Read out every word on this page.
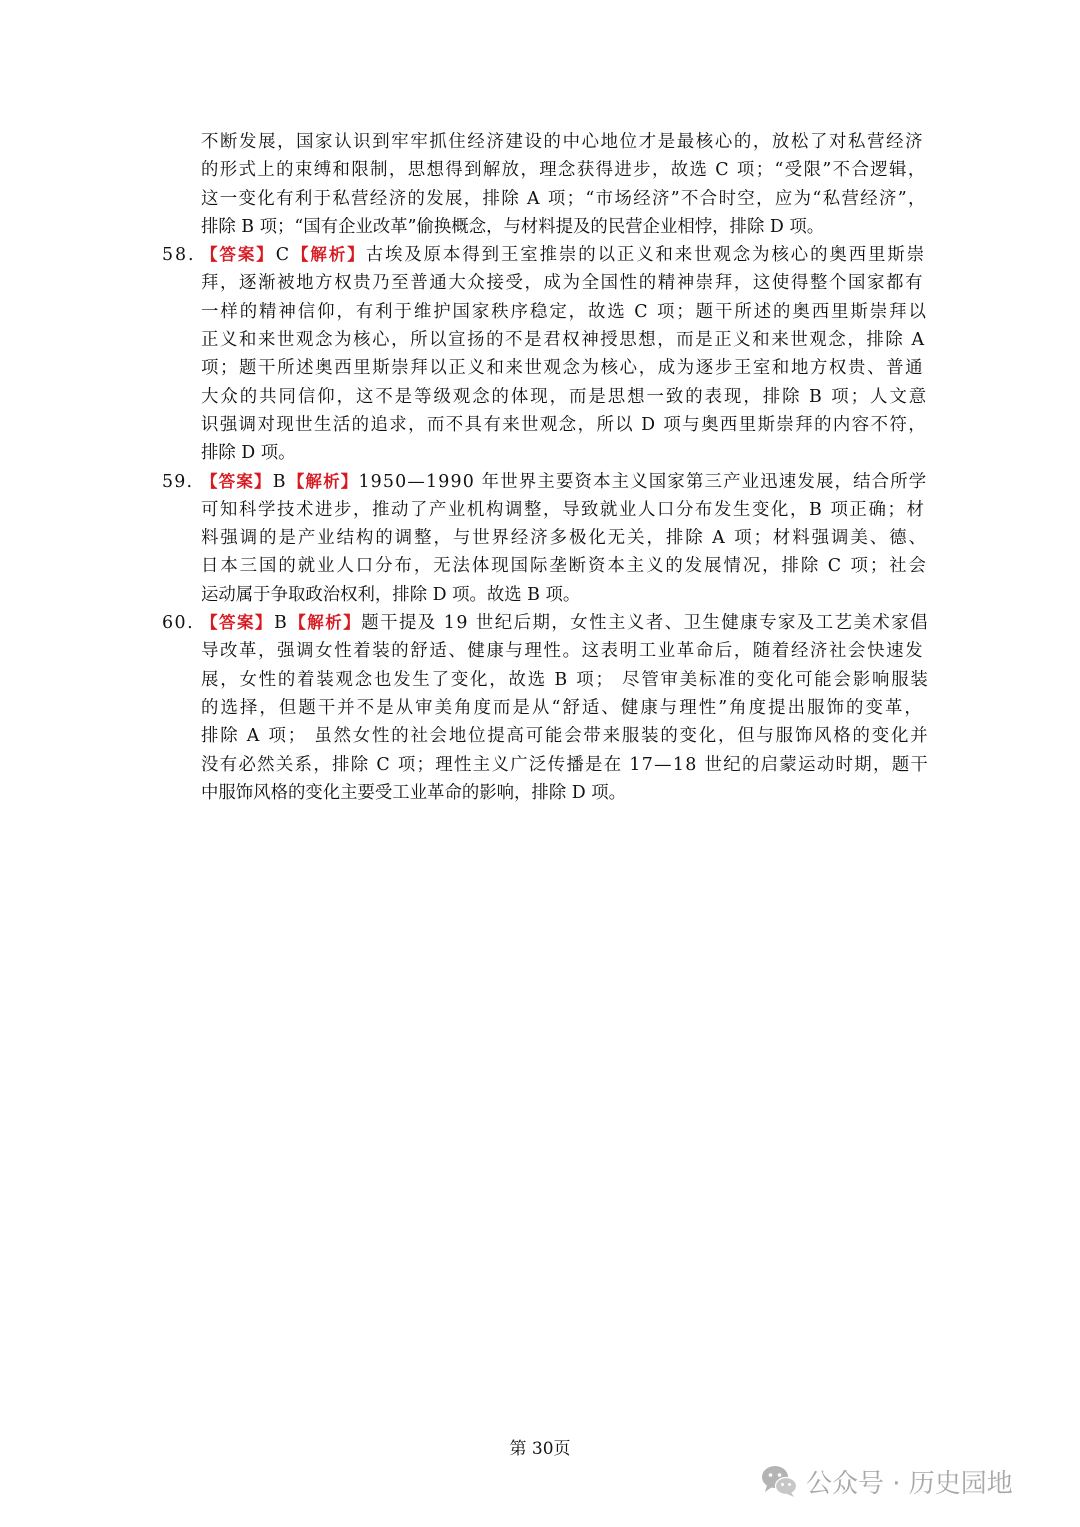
不断发展，国家认识到牢牢抓住经济建设的中心地位才是最核心的，放松了对私营经济
的形式上的束缚和限制，思想得到解放，理念获得进步，故选 C 项；“受限”不合逻辑，
这一变化有利于私营经济的发展，排除 A 项；“市场经济”不合时空，应为“私营经济”，
排除 B 项；“国有企业改革”偷换概念，与材料提及的民营企业相悖，排除 D 项。
58. 【答案】C【解析】古埃及原本得到王室推崇的以正义和来世观念为核心的奥西里斯崇
拜，逐渐被地方权贵乃至普通大众接受，成为全国性的精神崇拜，这使得整个国家都有
一样的精神信仰，有利于维护国家秩序稳定，故选 C 项；题干所述的奥西里斯崇拜以
正义和来世观念为核心，所以宣扬的不是君权神授思想，而是正义和来世观念，排除 A
项；题干所述奥西里斯崇拜以正义和来世观念为核心，成为逐步王室和地方权贵、普通
大众的共同信仰，这不是等级观念的体现，而是思想一致的表现，排除 B 项；人文意
识强调对现世生活的追求，而不具有来世观念，所以 D 项与奥西里斯崇拜的内容不符，
排除 D 项。
59. 【答案】B【解析】1950—1990 年世界主要资本主义国家第三产业迅速发展，结合所学
可知科学技术进步，推动了产业机构调整，导致就业人口分布发生变化，B 项正确；材
料强调的是产业结构的调整，与世界经济多极化无关，排除 A 项；材料强调美、德、
日本三国的就业人口分布，无法体现国际垄断资本主义的发展情况，排除 C 项；社会
运动属于争取政治权利，排除 D 项。故选 B 项。
60. 【答案】B【解析】题干提及 19 世纪后期，女性主义者、卫生健康专家及工艺美术家倡
导改革，强调女性着装的舒适、健康与理性。这表明工业革命后，随着经济社会快速发
展，女性的着装观念也发生了变化，故选 B 项； 尽管审美标准的变化可能会影响服装
的选择，但题干并不是从审美角度而是从“舒适、健康与理性”角度提出服饰的变革，
排除 A 项； 虽然女性的社会地位提高可能会带来服装的变化，但与服饰风格的变化并
没有必然关系，排除 C 项；理性主义广泛传播是在 17—18 世纪的启蒙运动时期，题干
中服饰风格的变化主要受工业革命的影响，排除 D 项。
第 30页
公众号 · 历史园地
